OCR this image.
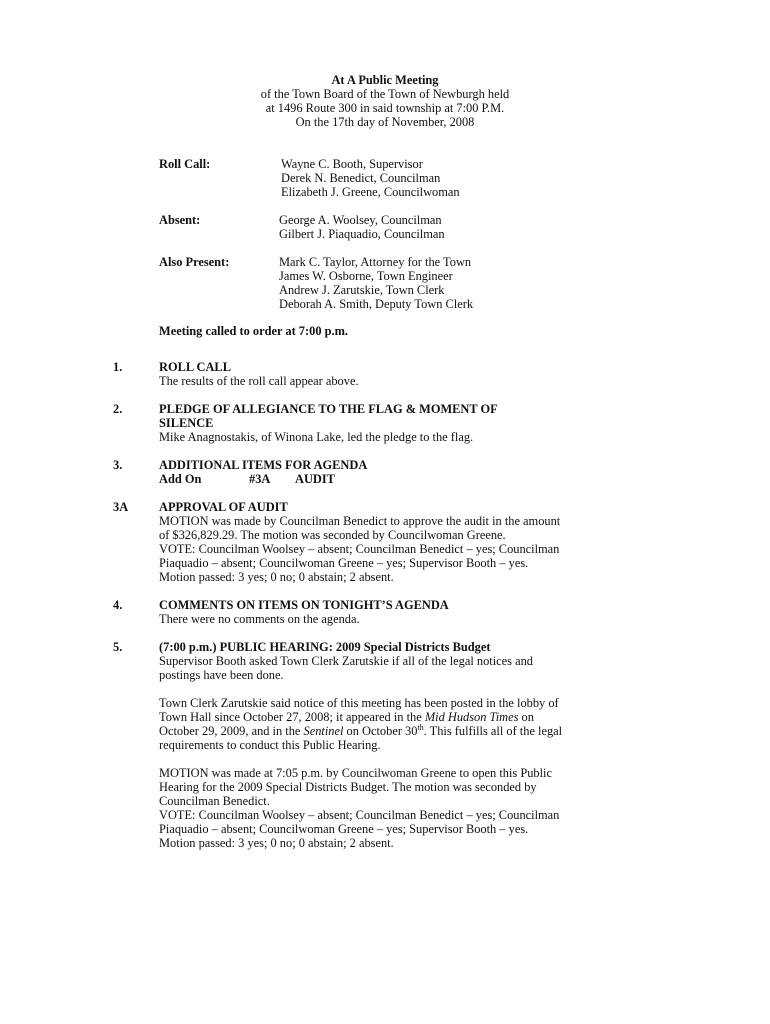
At A Public Meeting
of the Town Board of the Town of Newburgh held
at 1496 Route 300 in said township at 7:00 P.M.
On the 17th day of November, 2008
Roll Call:	Wayne C. Booth, Supervisor
Derek N. Benedict, Councilman
Elizabeth J. Greene, Councilwoman
Absent:	George A. Woolsey, Councilman
Gilbert J. Piaquadio, Councilman
Also Present:	Mark C. Taylor, Attorney for the Town
James W. Osborne, Town Engineer
Andrew J. Zarutskie, Town Clerk
Deborah A. Smith, Deputy Town Clerk
Meeting called to order at 7:00 p.m.
1.	ROLL CALL
The results of the roll call appear above.
2.	PLEDGE OF ALLEGIANCE TO THE FLAG & MOMENT OF
SILENCE
Mike Anagnostakis, of Winona Lake, led the pledge to the flag.
3.	ADDITIONAL ITEMS FOR AGENDA
Add On	#3A AUDIT
3A APPROVAL OF AUDIT
MOTION was made by Councilman Benedict to approve the audit in the amount
of $326,829.29. The motion was seconded by Councilwoman Greene.
VOTE: Councilman Woolsey – absent; Councilman Benedict – yes; Councilman
Piaquadio – absent; Councilwoman Greene – yes; Supervisor Booth – yes.
Motion passed: 3 yes; 0 no; 0 abstain; 2 absent.
4.	COMMENTS ON ITEMS ON TONIGHT’S AGENDA
There were no comments on the agenda.
5.	(7:00 p.m.) PUBLIC HEARING: 2009 Special Districts Budget
Supervisor Booth asked Town Clerk Zarutskie if all of the legal notices and
postings have been done.
Town Clerk Zarutskie said notice of this meeting has been posted in the lobby of
Town Hall since October 27, 2008; it appeared in the Mid Hudson Times on
October 29, 2009, and in the Sentinel on October 30th. This fulfills all of the legal
requirements to conduct this Public Hearing.
MOTION was made at 7:05 p.m. by Councilwoman Greene to open this Public
Hearing for the 2009 Special Districts Budget. The motion was seconded by
Councilman Benedict.
VOTE: Councilman Woolsey – absent; Councilman Benedict – yes; Councilman
Piaquadio – absent; Councilwoman Greene – yes; Supervisor Booth – yes.
Motion passed: 3 yes; 0 no; 0 abstain; 2 absent.
